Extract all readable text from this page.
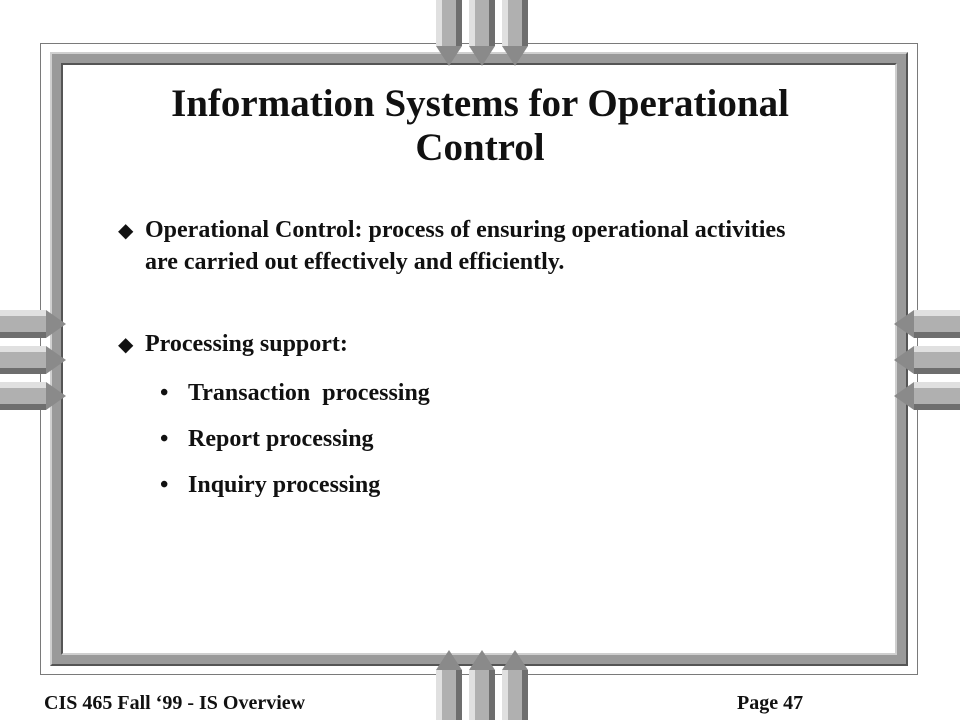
Information Systems for Operational Control
◆ Operational Control: process of ensuring operational activities are carried out effectively and efficiently.
◆ Processing support:
• Transaction  processing
• Report processing
• Inquiry processing
CIS 465 Fall ‘99 - IS Overview	Page 47
